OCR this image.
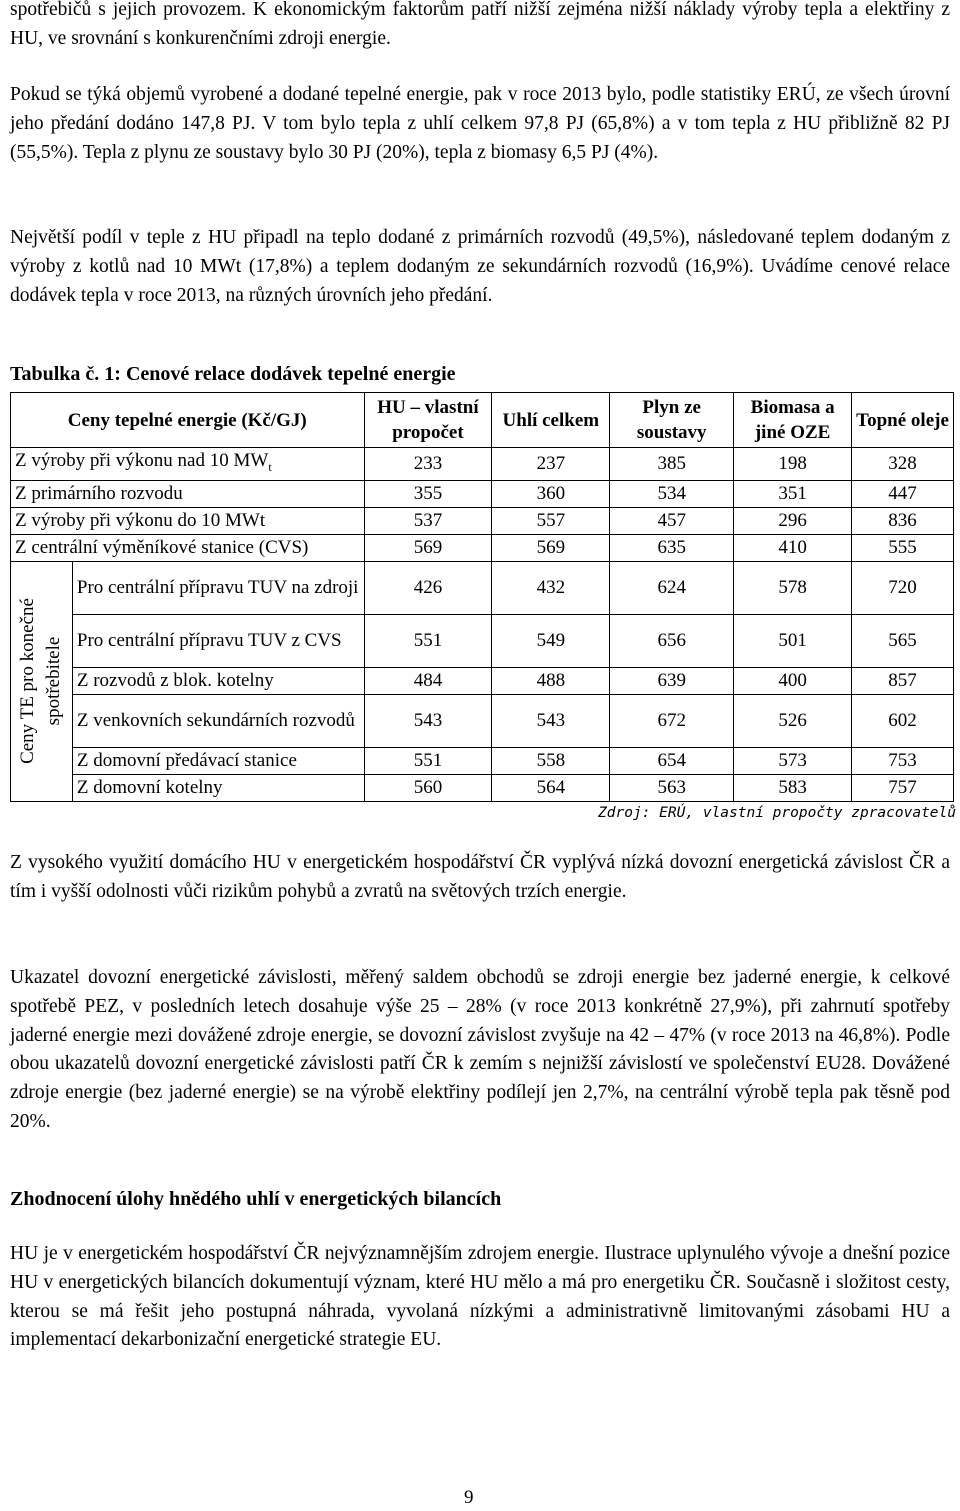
spotřebičů s jejich provozem. K ekonomickým faktorům patří nižší zejména nižší náklady výroby tepla a elektřiny z HU, ve srovnání s konkurenčními zdroji energie.

Pokud se týká objemů vyrobené a dodané tepelné energie, pak v roce 2013 bylo, podle statistiky ERÚ, ze všech úrovní jeho předání dodáno 147,8 PJ. V tom bylo tepla z uhlí celkem 97,8 PJ (65,8%) a v tom tepla z HU přibližně 82 PJ (55,5%). Tepla z plynu ze soustavy bylo 30 PJ (20%), tepla z biomasy 6,5 PJ (4%).

Největší podíl v teple z HU připadl na teplo dodané z primárních rozvodů (49,5%), následované teplem dodaným z výroby z kotlů nad 10 MWt (17,8%) a teplem dodaným ze sekundárních rozvodů (16,9%). Uvádíme cenové relace dodávek tepla v roce 2013, na různých úrovních jeho předání.

Tabulka č. 1: Cenové relace dodávek tepelné energie
Ceny tepelné energie (Kč/GJ)		HU – vlastní propočet	Uhlí celkem	Plyn ze soustavy	Biomasa a jiné OZE	Topné oleje
Z výroby při výkonu nad 10 $MW_t$		233	237	385	198	328
Z primárního rozvodu		355	360	534	351	447
Z výroby při výkonu do 10 MWt		537	557	457	296	836
Z centrální výměníkové stanice (CVS)		569	569	635	410	555

Ceny TE pro konečné spotřebitele	Pro centrální přípravu TUV na zdroji	426	432	624	578	720
	Pro centrální přípravu TUV z CVS	551	549	656	501	565
	Z rozvodů z blok. kotelny	484	488	639	400	857
	Z venkovních sekundárních rozvodů	543	543	672	526	602
	Z domovní předávací stanice	551	558	654	573	753
	Z domovní kotelny	560	564	563	583	757
Zdroj: ERÚ, vlastní propočty zpracovatelů

Z vysokého využití domácího HU v energetickém hospodářství ČR vyplývá nízká dovozní energetická závislost ČR a tím i vyšší odolnosti vůči rizikům pohybů a zvratů na světových trzích energie.

Ukazatel dovozní energetické závislosti, měřený saldem obchodů se zdroji energie bez jaderné energie, k celkové spotřebě PEZ, v posledních letech dosahuje výše 25 – 28% (v roce 2013 konkrétně 27,9%), při zahrnutí spotřeby jaderné energie mezi dovážené zdroje energie, se dovozní závislost zvyšuje na 42 – 47% (v roce 2013 na 46,8%). Podle obou ukazatelů dovozní energetické závislosti patří ČR k zemím s nejnižší závislostí ve společenství EU28. Dovážené zdroje energie (bez jaderné energie) se na výrobě elektřiny podílejí jen 2,7%, na centrální výrobě tepla pak těsně pod 20%.

Zhodnocení úlohy hnědého uhlí v energetických bilancích

HU je v energetickém hospodářství ČR nejvýznamnějším zdrojem energie. Ilustrace uplynulého vývoje a dnešní pozice HU v energetických bilancích dokumentují význam, které HU mělo a má pro energetiku ČR. Současně i složitost cesty, kterou se má řešit jeho postupná náhrada, vyvolaná nízkými a administrativně limitovanými zásobami HU a implementací dekarbonizační energetické strategie EU.

9
